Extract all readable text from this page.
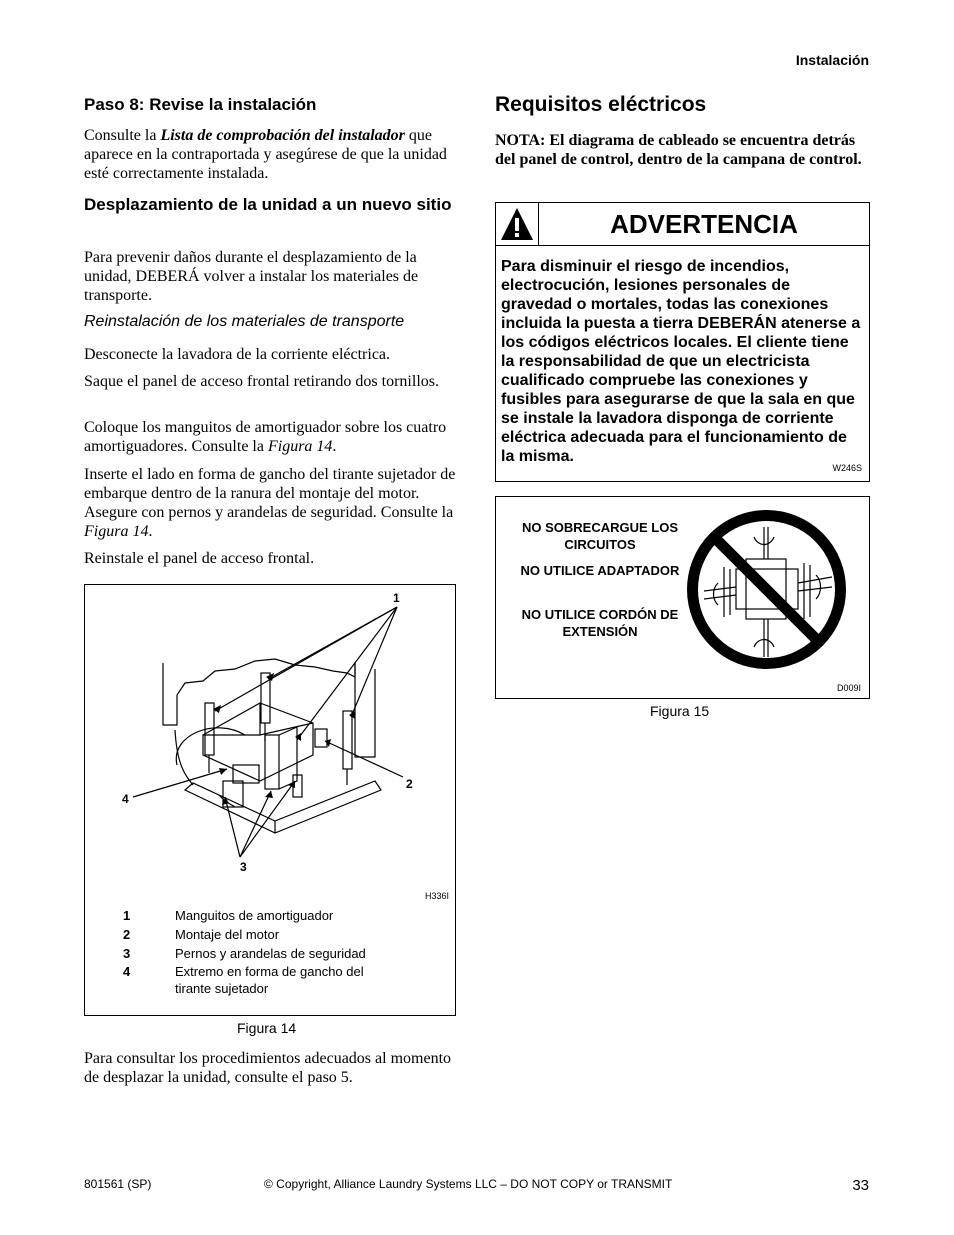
Instalación
Paso 8: Revise la instalación
Consulte la Lista de comprobación del instalador que aparece en la contraportada y asegúrese de que la unidad esté correctamente instalada.
Desplazamiento de la unidad a un nuevo sitio
Para prevenir daños durante el desplazamiento de la unidad, DEBERÁ volver a instalar los materiales de transporte.
Reinstalación de los materiales de transporte
Desconecte la lavadora de la corriente eléctrica.
Saque el panel de acceso frontal retirando dos tornillos.
Coloque los manguitos de amortiguador sobre los cuatro amortiguadores. Consulte la Figura 14.
Inserte el lado en forma de gancho del tirante sujetador de embarque dentro de la ranura del montaje del motor. Asegure con pernos y arandelas de seguridad. Consulte la Figura 14.
Reinstale el panel de acceso frontal.
1
2
3
4
H336I
1	Manguitos de amortiguador
2	Montaje del motor
3	Pernos y arandelas de seguridad
4	Extremo en forma de gancho del tirante sujetador
Figura 14
Para consultar los procedimientos adecuados al momento de desplazar la unidad, consulte el paso 5.
Requisitos eléctricos
NOTA: El diagrama de cableado se encuentra detrás del panel de control, dentro de la campana de control.
ADVERTENCIA
Para disminuir el riesgo de incendios, electrocución, lesiones personales de gravedad o mortales, todas las conexiones incluida la puesta a tierra DEBERÁN atenerse a los códigos eléctricos locales. El cliente tiene la responsabilidad de que un electricista cualificado compruebe las conexiones y fusibles para asegurarse de que la sala en que se instale la lavadora disponga de corriente eléctrica adecuada para el funcionamiento de la misma.
W246S
NO SOBRECARGUE LOS CIRCUITOS
NO UTILICE ADAPTADOR
NO UTILICE CORDÓN DE EXTENSIÓN
D009I
Figura 15
801561 (SP)	© Copyright, Alliance Laundry Systems LLC – DO NOT COPY or TRANSMIT	33
